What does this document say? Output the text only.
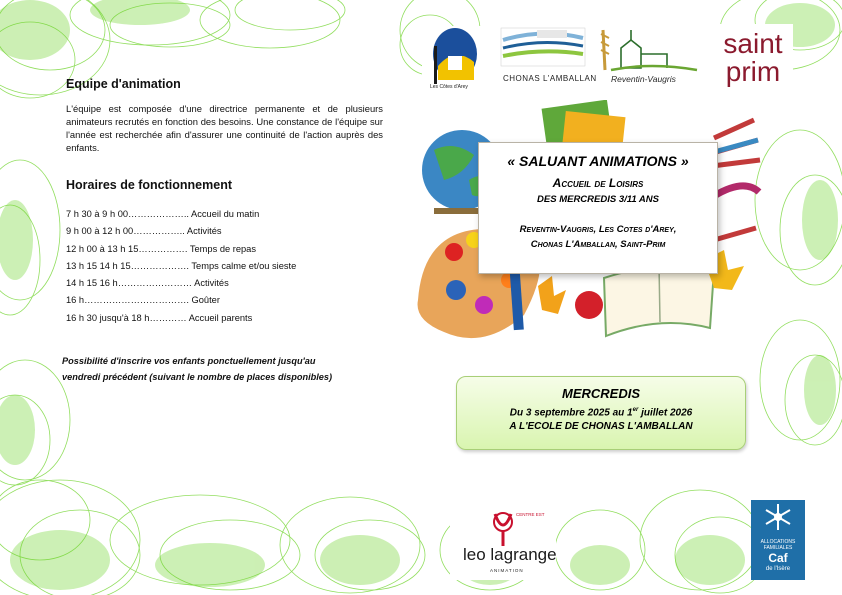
Equipe d'animation

L'équipe est composée d'une directrice permanente et de plusieurs animateurs recrutés en fonction des besoins. Une constance de l'équipe sur l'année est recherchée afin d'assurer une continuité de l'action auprès des enfants.

Horaires de fonctionnement
7 h 30 à 9 h 00……………….. Accueil du matin
9 h 00 à 12 h 00…………….. Activités
12 h 00 à 13 h 15……………. Temps de repas
13 h 15 14 h 15………………. Temps calme et/ou sieste
14 h 15 16 h…………………… Activités
16 h……………………………. Goûter
16 h 30 jusqu'à 18 h………… Accueil parents

Possibilité d'inscrire vos enfants ponctuellement jusqu'au
vendredi précédent (suivant le nombre de places disponibles)

Les Côtes d'Arey
CHONAS L'AMBALLAN Reventin-Vaugris
saint
prim
« SALUANT ANIMATIONS »
Accueil de Loisirs
DES MERCREDIS 3/11 ANS
Reventin-Vaugris, Les Cotes d'Arey,
Chonas L'Amballan, Saint-Prim
MERCREDIS
Du 3 septembre 2025 au 1er juillet 2026
A L'ECOLE DE CHONAS L'AMBALLAN
CENTRE EST
leo lagrange
ANIMATION
ALLOCATIONS
FAMILIALES
Caf
de l'Isère
